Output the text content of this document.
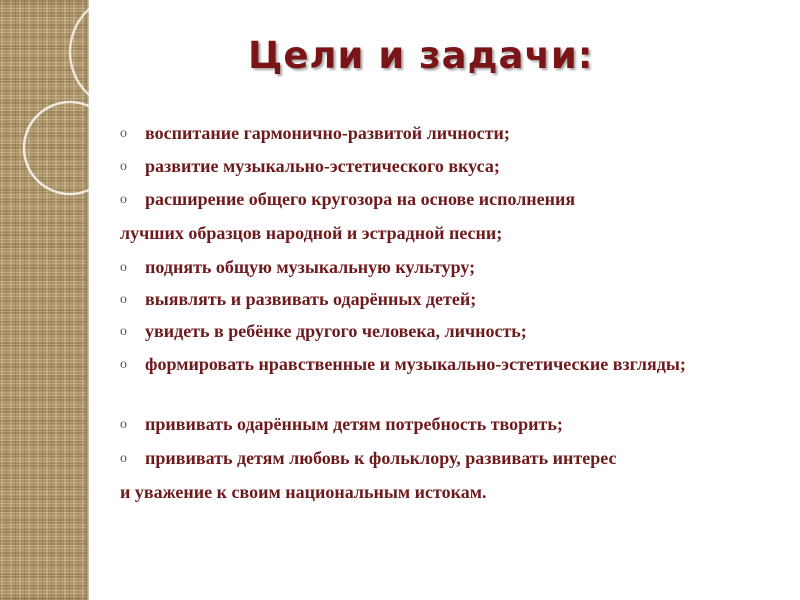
Цели и задачи:

o	воспитание гармонично-развитой личности;

o	развитие музыкально-эстетического вкуса;

o	расширение общего кругозора на основе исполнения

лучших образцов народной и эстрадной песни;

o	поднять общую музыкальную культуру;

o	выявлять и развивать одарённых детей;

o	увидеть в ребёнке другого человека, личность;

o	формировать нравственные и музыкально-эстетические взгляды;

o	прививать одарённым детям потребность творить;

o	прививать детям любовь к фольклору, развивать интерес

и уважение к своим национальным истокам.
